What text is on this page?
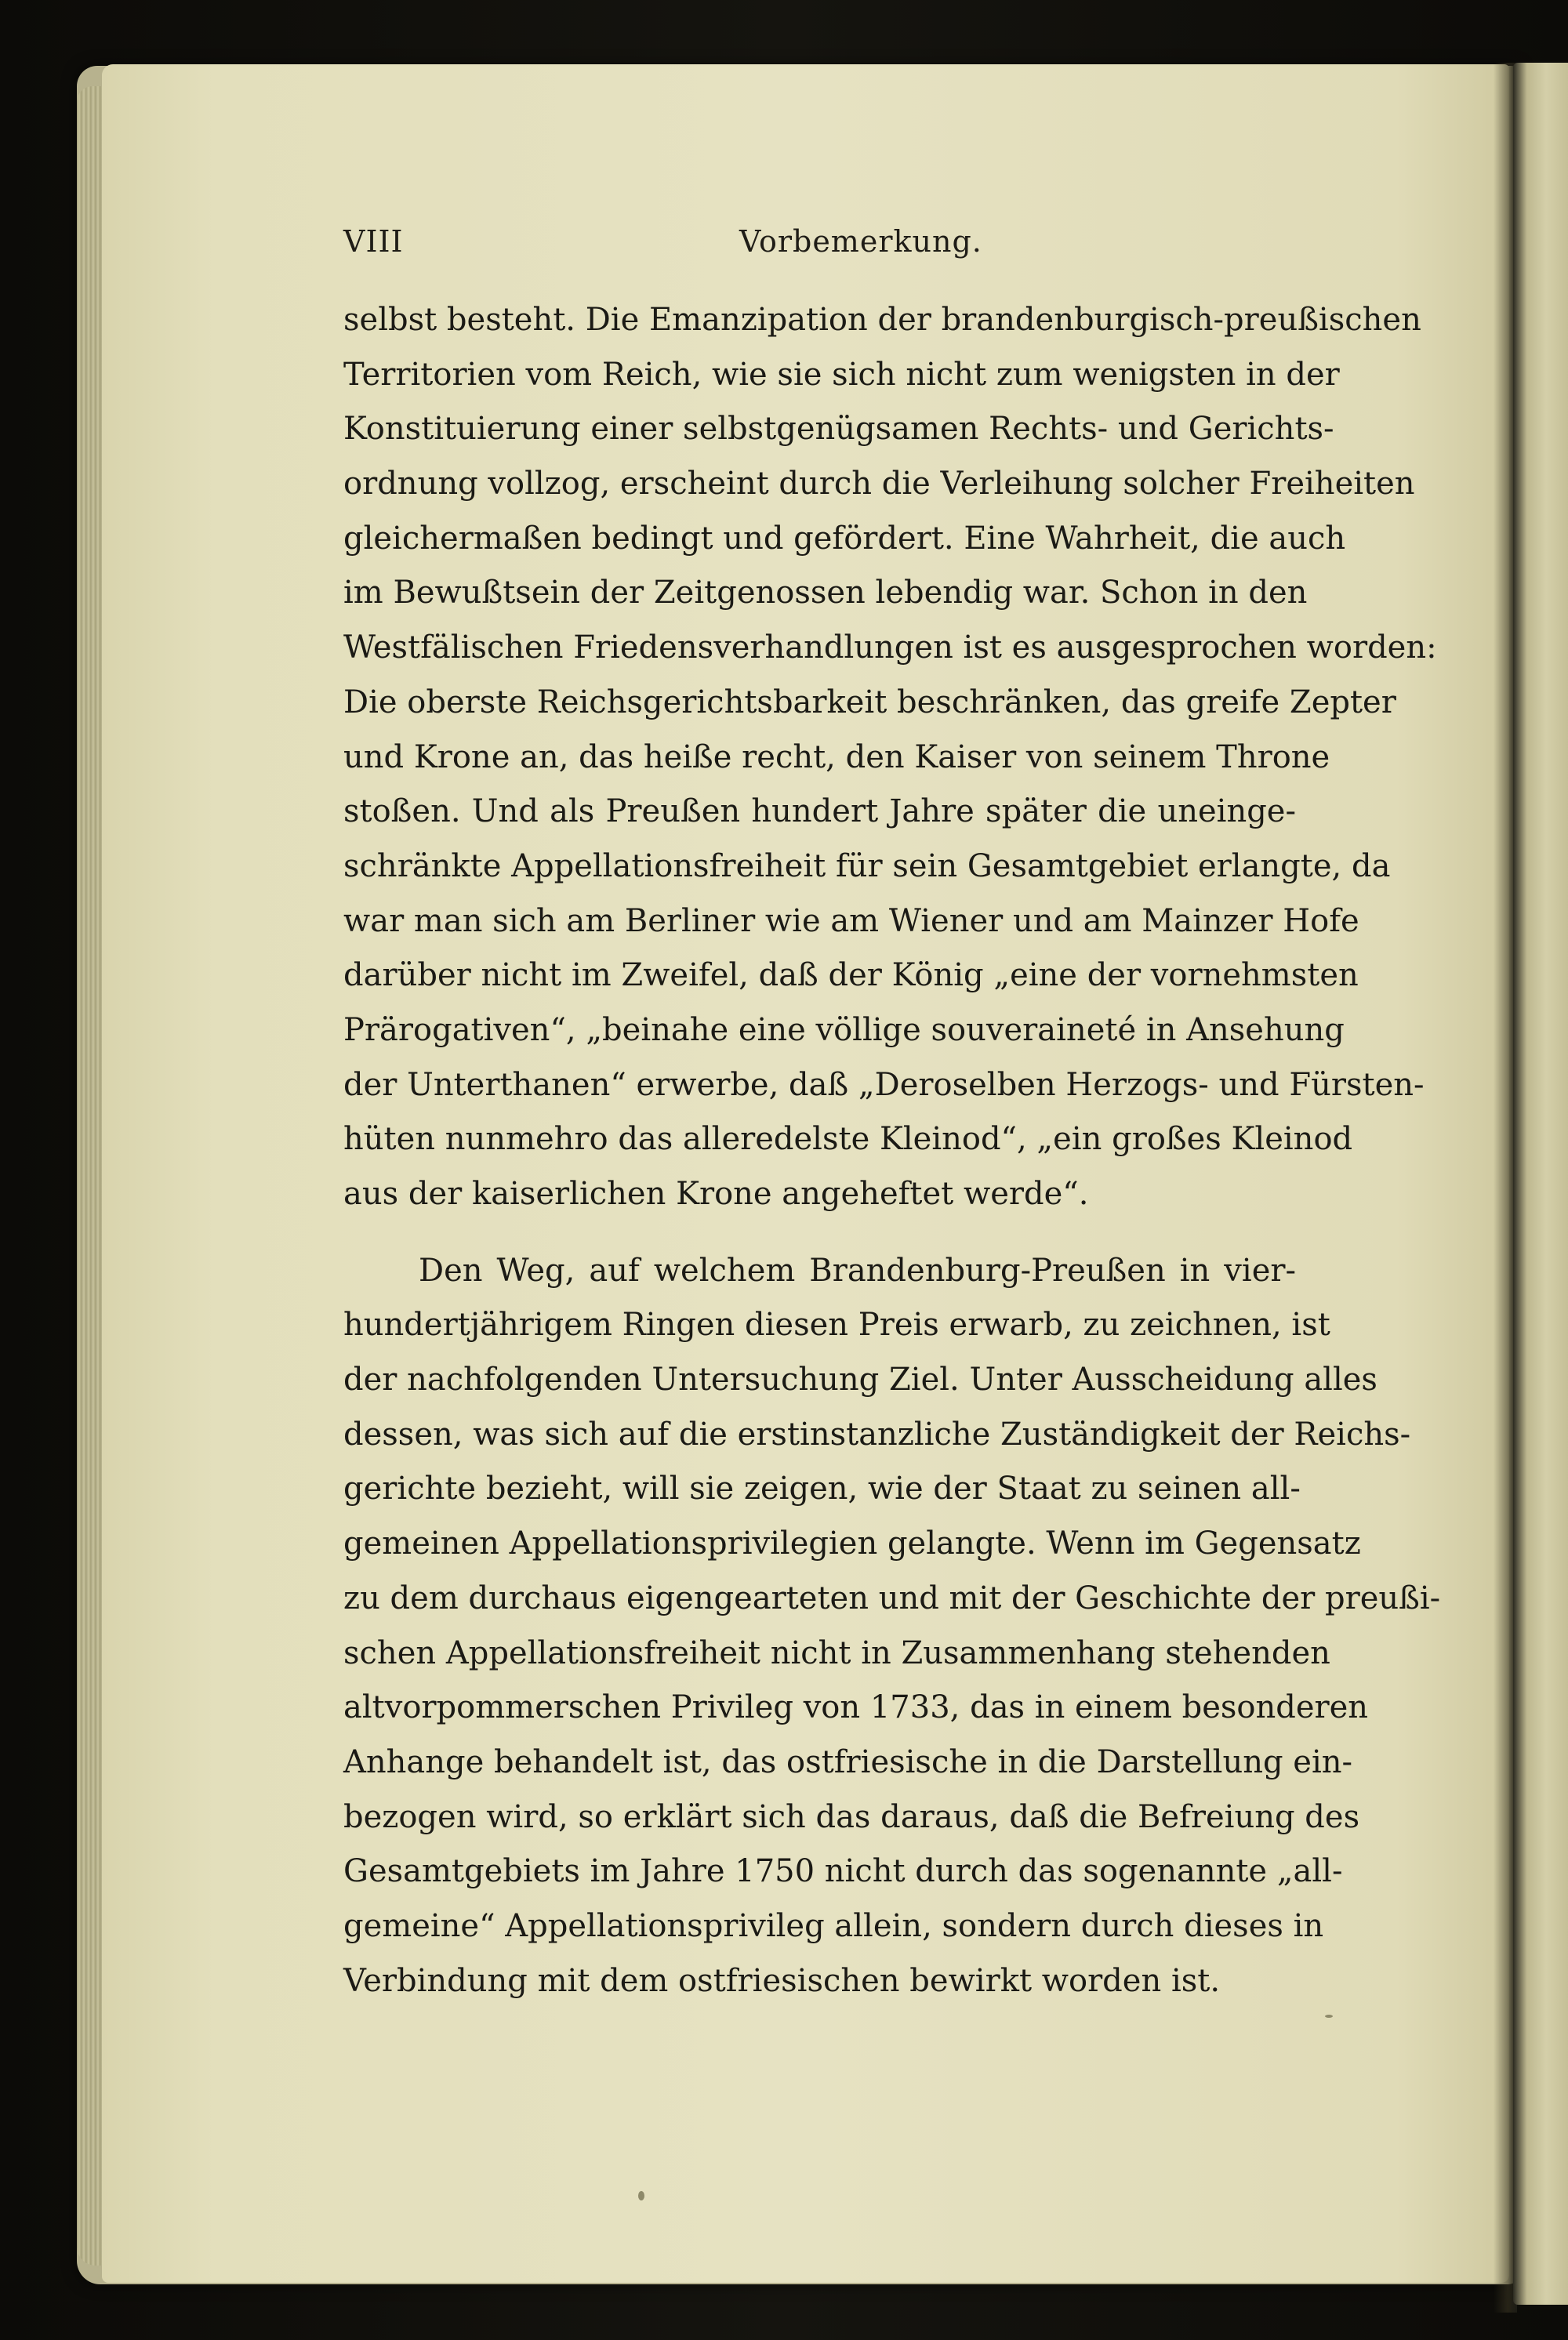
VIII	Vorbemerkung.
selbst besteht. Die Emanzipation der brandenburgisch-preußischen
Territorien vom Reich, wie sie sich nicht zum wenigsten in der
Konstituierung einer selbstgenügsamen Rechts- und Gerichts-
ordnung vollzog, erscheint durch die Verleihung solcher Freiheiten
gleichermaßen bedingt und gefördert. Eine Wahrheit, die auch
im Bewußtsein der Zeitgenossen lebendig war. Schon in den
Westfälischen Friedensverhandlungen ist es ausgesprochen worden:
Die oberste Reichsgerichtsbarkeit beschränken, das greife Zepter
und Krone an, das heiße recht, den Kaiser von seinem Throne
stoßen. Und als Preußen hundert Jahre später die uneinge-
schränkte Appellationsfreiheit für sein Gesamtgebiet erlangte, da
war man sich am Berliner wie am Wiener und am Mainzer Hofe
darüber nicht im Zweifel, daß der König „eine der vornehmsten
Prärogativen“, „beinahe eine völlige souveraineté in Ansehung
der Unterthanen“ erwerbe, daß „Deroselben Herzogs- und Fürsten-
hüten nunmehro das alleredelste Kleinod“, „ein großes Kleinod
aus der kaiserlichen Krone angeheftet werde“.
Den Weg, auf welchem Brandenburg-Preußen in vier-
hundertjährigem Ringen diesen Preis erwarb, zu zeichnen, ist
der nachfolgenden Untersuchung Ziel. Unter Ausscheidung alles
dessen, was sich auf die erstinstanzliche Zuständigkeit der Reichs-
gerichte bezieht, will sie zeigen, wie der Staat zu seinen all-
gemeinen Appellationsprivilegien gelangte. Wenn im Gegensatz
zu dem durchaus eigengearteten und mit der Geschichte der preußi-
schen Appellationsfreiheit nicht in Zusammenhang stehenden
altvorpommerschen Privileg von 1733, das in einem besonderen
Anhange behandelt ist, das ostfriesische in die Darstellung ein-
bezogen wird, so erklärt sich das daraus, daß die Befreiung des
Gesamtgebiets im Jahre 1750 nicht durch das sogenannte „all-
gemeine“ Appellationsprivileg allein, sondern durch dieses in
Verbindung mit dem ostfriesischen bewirkt worden ist.
